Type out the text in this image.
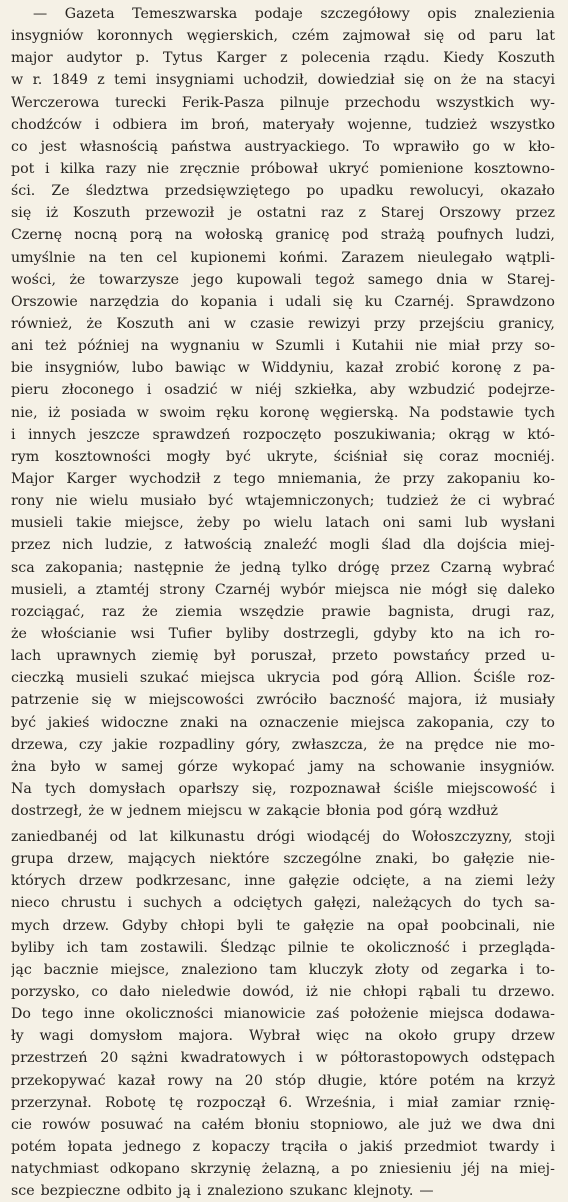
— Gazeta Temeszwarska podaje szczegółowy opis znalezienia
insygniów koronnych węgierskich, czém zajmował się od paru lat
major audytor p. Tytus Karger z polecenia rządu. Kiedy Koszuth
w r. 1849 z temi insygniami uchodził, dowiedział się on że na stacyi
Werczerowa turecki Ferik-Pasza pilnuje przechodu wszystkich wy-
chodźców i odbiera im broń, materyały wojenne, tudzież wszystko
co jest własnością państwa austryackiego. To wprawiło go w kło-
pot i kilka razy nie zręcznie próbował ukryć pomienione kosztowno-
ści. Ze śledztwa przedsięwziętego po upadku rewolucyi, okazało
się iż Koszuth przewoził je ostatni raz z Starej Orszowy przez
Czernę nocną porą na wołoską granicę pod strażą poufnych ludzi,
umyślnie na ten cel kupionemi końmi. Zarazem nieulegało wątpli-
wości, że towarzysze jego kupowali tegoż samego dnia w Starej-
Orszowie narzędzia do kopania i udali się ku Czarnéj. Sprawdzono
również, że Koszuth ani w czasie rewizyi przy przejściu granicy,
ani też później na wygnaniu w Szumli i Kutahii nie miał przy so-
bie insygniów, lubo bawiąc w Widdyniu, kazał zrobić koronę z pa-
pieru złoconego i osadzić w niéj szkiełka, aby wzbudzić podejrze-
nie, iż posiada w swoim ręku koronę węgierską. Na podstawie tych
i innych jeszcze sprawdzeń rozpoczęto poszukiwania; okrąg w któ-
rym kosztowności mogły być ukryte, ściśniał się coraz mocniéj.
Major Karger wychodził z tego mniemania, że przy zakopaniu ko-
rony nie wielu musiało być wtajemniczonych; tudzież że ci wybrać
musieli takie miejsce, żeby po wielu latach oni sami lub wysłani
przez nich ludzie, z łatwością znaleźć mogli ślad dla dojścia miej-
sca zakopania; następnie że jedną tylko drógę przez Czarną wybrać
musieli, a ztamtéj strony Czarnéj wybór miejsca nie mógł się daleko
rozciągać, raz że ziemia wszędzie prawie bagnista, drugi raz,
że włościanie wsi Tufier byliby dostrzegli, gdyby kto na ich ro-
lach uprawnych ziemię był poruszał, przeto powstańcy przed u-
cieczką musieli szukać miejsca ukrycia pod górą Allion. Ściśle roz-
patrzenie się w miejscowości zwróciło baczność majora, iż musiały
być jakieś widoczne znaki na oznaczenie miejsca zakopania, czy to
drzewa, czy jakie rozpadliny góry, zwłaszcza, że na prędce nie mo-
żna było w samej górze wykopać jamy na schowanie insygniów.
Na tych domysłach oparłszy się, rozpoznawał ściśle miejscowość i
dostrzegł, że w jednem miejscu w zakącie błonia pod górą wzdłuż
zaniedbanéj od lat kilkunastu drógi wiodącéj do Wołoszczyzny, stoji
grupa drzew, mających niektóre szczególne znaki, bo gałęzie nie-
których drzew podkrzesanc, inne gałęzie odcięte, a na ziemi leży
nieco chrustu i suchych a odciętych gałęzi, należących do tych sa-
mych drzew. Gdyby chłopi byli te gałęzie na opał poobcinali, nie
byliby ich tam zostawili. Śledząc pilnie te okoliczność i przegląda-
jąc bacznie miejsce, znaleziono tam kluczyk złoty od zegarka i to-
porzysko, co dało nieledwie dowód, iż nie chłopi rąbali tu drzewo.
Do tego inne okoliczności mianowicie zaś położenie miejsca dodawa-
ły wagi domysłom majora. Wybrał więc na około grupy drzew
przestrzeń 20 sążni kwadratowych i w półtorastopowych odstępach
przekopywać kazał rowy na 20 stóp długie, które potém na krzyż
przerzynał. Robotę tę rozpoczął 6. Września, i miał zamiar rznię-
cie rowów posuwać na całém błoniu stopniowo, ale już we dwa dni
potém łopata jednego z kopaczy trąciła o jakiś przedmiot twardy i
natychmiast odkopano skrzynię żelazną, a po zniesieniu jéj na miej-
sce bezpieczne odbito ją i znaleziono szukanc klejnoty. —
